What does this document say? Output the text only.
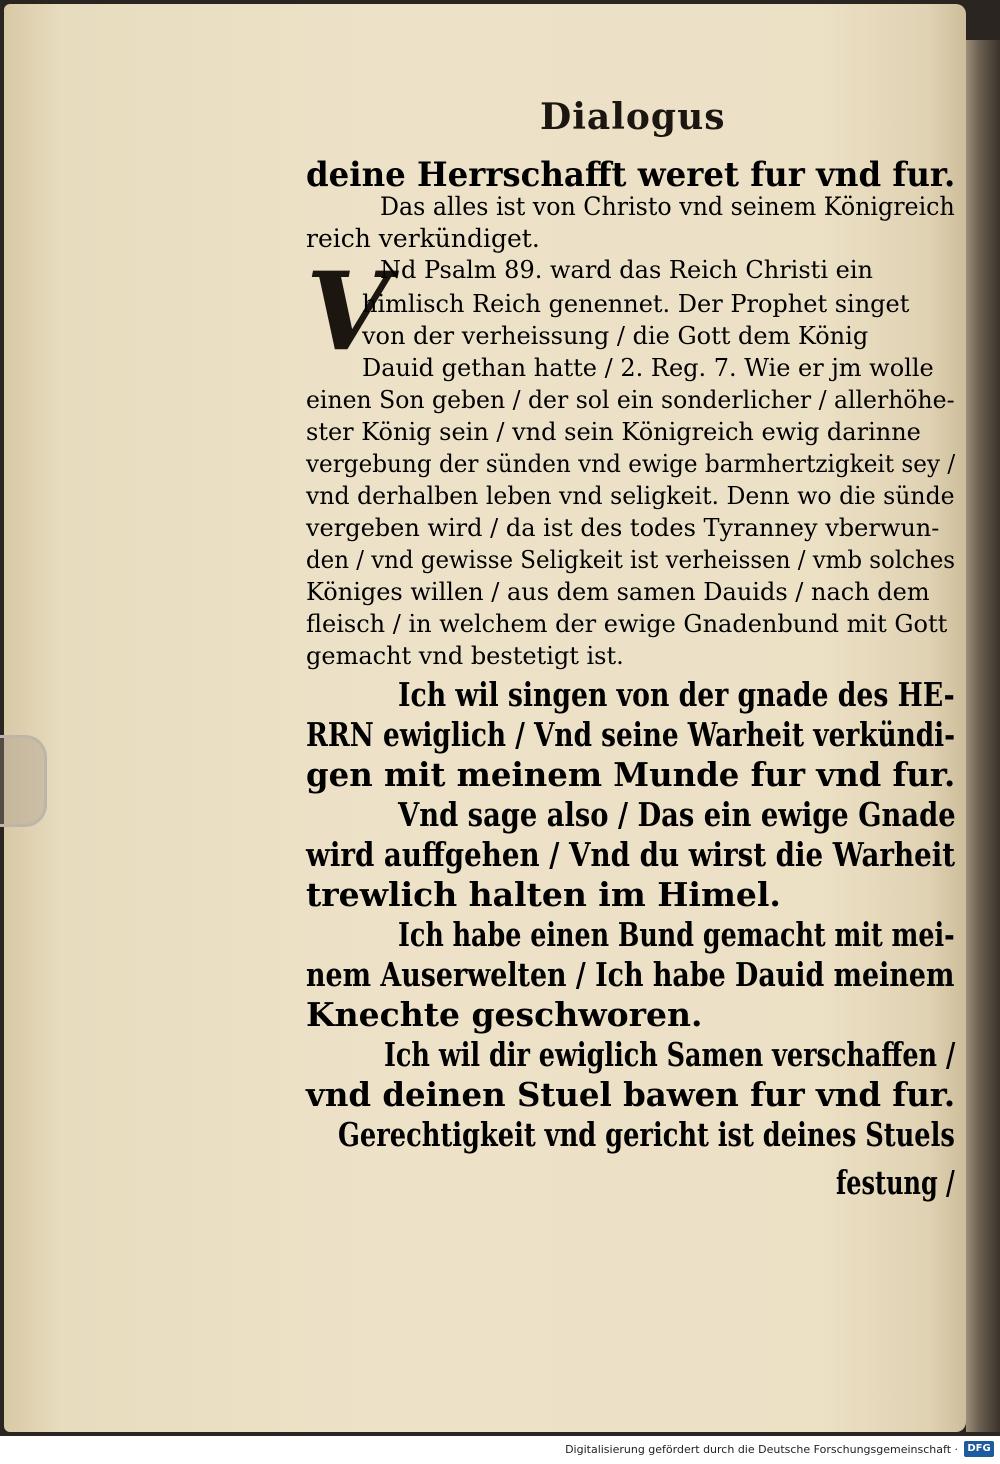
Dialogus
deine Herrschafft weret fur vnd fur.
Das alles ist von Christo vnd seinem Königreich
reich verkündiget.
V
Nd Psalm 89. ward das Reich Christi ein
himlisch Reich genennet. Der Prophet singet
von der verheissung / die Gott dem König
Dauid gethan hatte / 2. Reg. 7. Wie er jm wolle
einen Son geben / der sol ein sonderlicher / allerhöhe-
ster König sein / vnd sein Königreich ewig darinne
vergebung der sünden vnd ewige barmhertzigkeit sey /
vnd derhalben leben vnd seligkeit. Denn wo die sünde
vergeben wird / da ist des todes Tyranney vberwun-
den / vnd gewisse Seligkeit ist verheissen / vmb solches
Königes willen / aus dem samen Dauids / nach dem
fleisch / in welchem der ewige Gnadenbund mit Gott
gemacht vnd bestetigt ist.
Ich wil singen von der gnade des HE-
RRN ewiglich / Vnd seine Warheit verkündi-
gen mit meinem Munde fur vnd fur.
Vnd sage also / Das ein ewige Gnade
wird auffgehen / Vnd du wirst die Warheit
trewlich halten im Himel.
Ich habe einen Bund gemacht mit mei-
nem Auserwelten / Ich habe Dauid meinem
Knechte geschworen.
Ich wil dir ewiglich Samen verschaffen /
vnd deinen Stuel bawen fur vnd fur.
Gerechtigkeit vnd gericht ist deines Stuels
festung /
Digitalisierung gefördert durch die Deutsche Forschungsgemeinschaft · DFG
